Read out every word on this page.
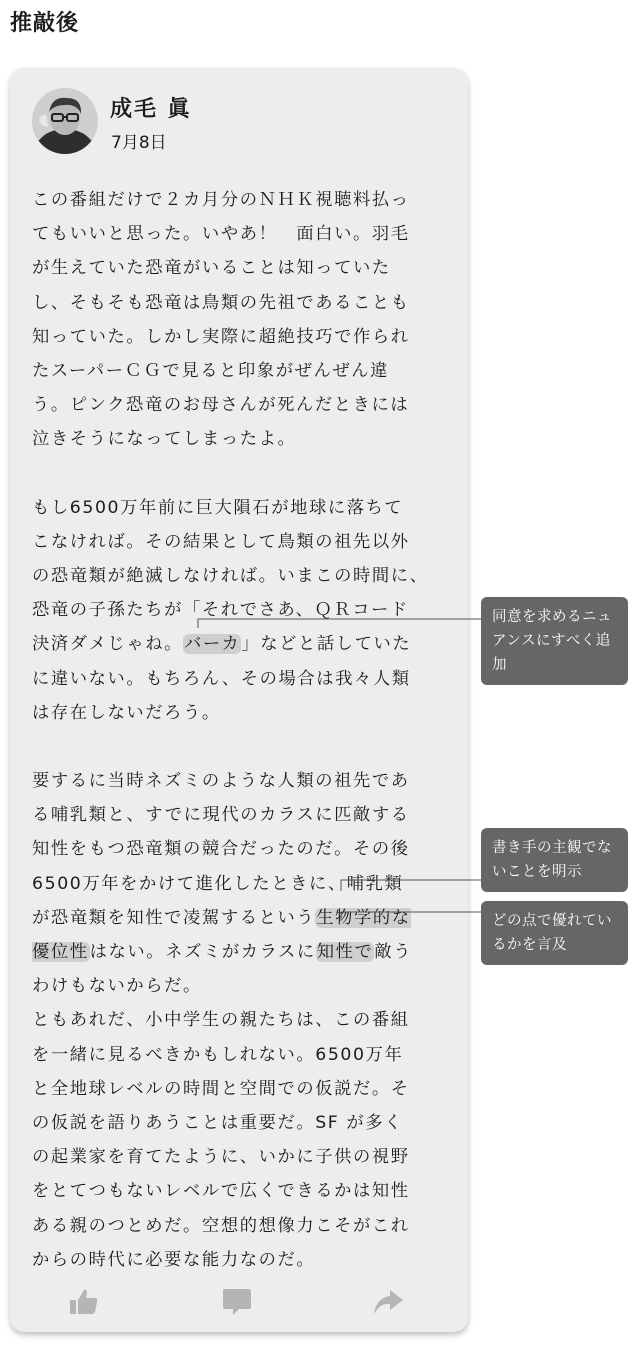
推敲後
成毛 眞
7月8日

この番組だけで２カ月分のＮＨＫ視聴料払っ
てもいいと思った。いやあ！　面白い。羽毛
が生えていた恐竜がいることは知っていた
し、そもそも恐竜は鳥類の先祖であることも
知っていた。しかし実際に超絶技巧で作られ
たスーパーＣＧで見ると印象がぜんぜん違
う。ピンク恐竜のお母さんが死んだときには
泣きそうになってしまったよ。

もし6500万年前に巨大隕石が地球に落ちて
こなければ。その結果として鳥類の祖先以外
の恐竜類が絶滅しなければ。いまこの時間に、
恐竜の子孫たちが「それでさあ、ＱＲコード
決済ダメじゃね。バーカ」などと話していた
に違いない。もちろん、その場合は我々人類
は存在しないだろう。

要するに当時ネズミのような人類の祖先であ
る哺乳類と、すでに現代のカラスに匹敵する
知性をもつ恐竜類の競合だったのだ。その後
6500万年をかけて進化したときに、哺乳類
が恐竜類を知性で凌駕するという生物学的な
優位性はない。ネズミがカラスに知性で敵う
わけもないからだ。

ともあれだ、小中学生の親たちは、この番組
を一緒に見るべきかもしれない。6500万年
と全地球レベルの時間と空間での仮説だ。そ
の仮説を語りあうことは重要だ。SF が多く
の起業家を育てたように、いかに子供の視野
をとてつもないレベルで広くできるかは知性
ある親のつとめだ。空想的想像力こそがこれ
からの時代に必要な能力なのだ。

同意を求めるニュアンスにすべく追加
書き手の主観でないことを明示
どの点で優れているかを言及
